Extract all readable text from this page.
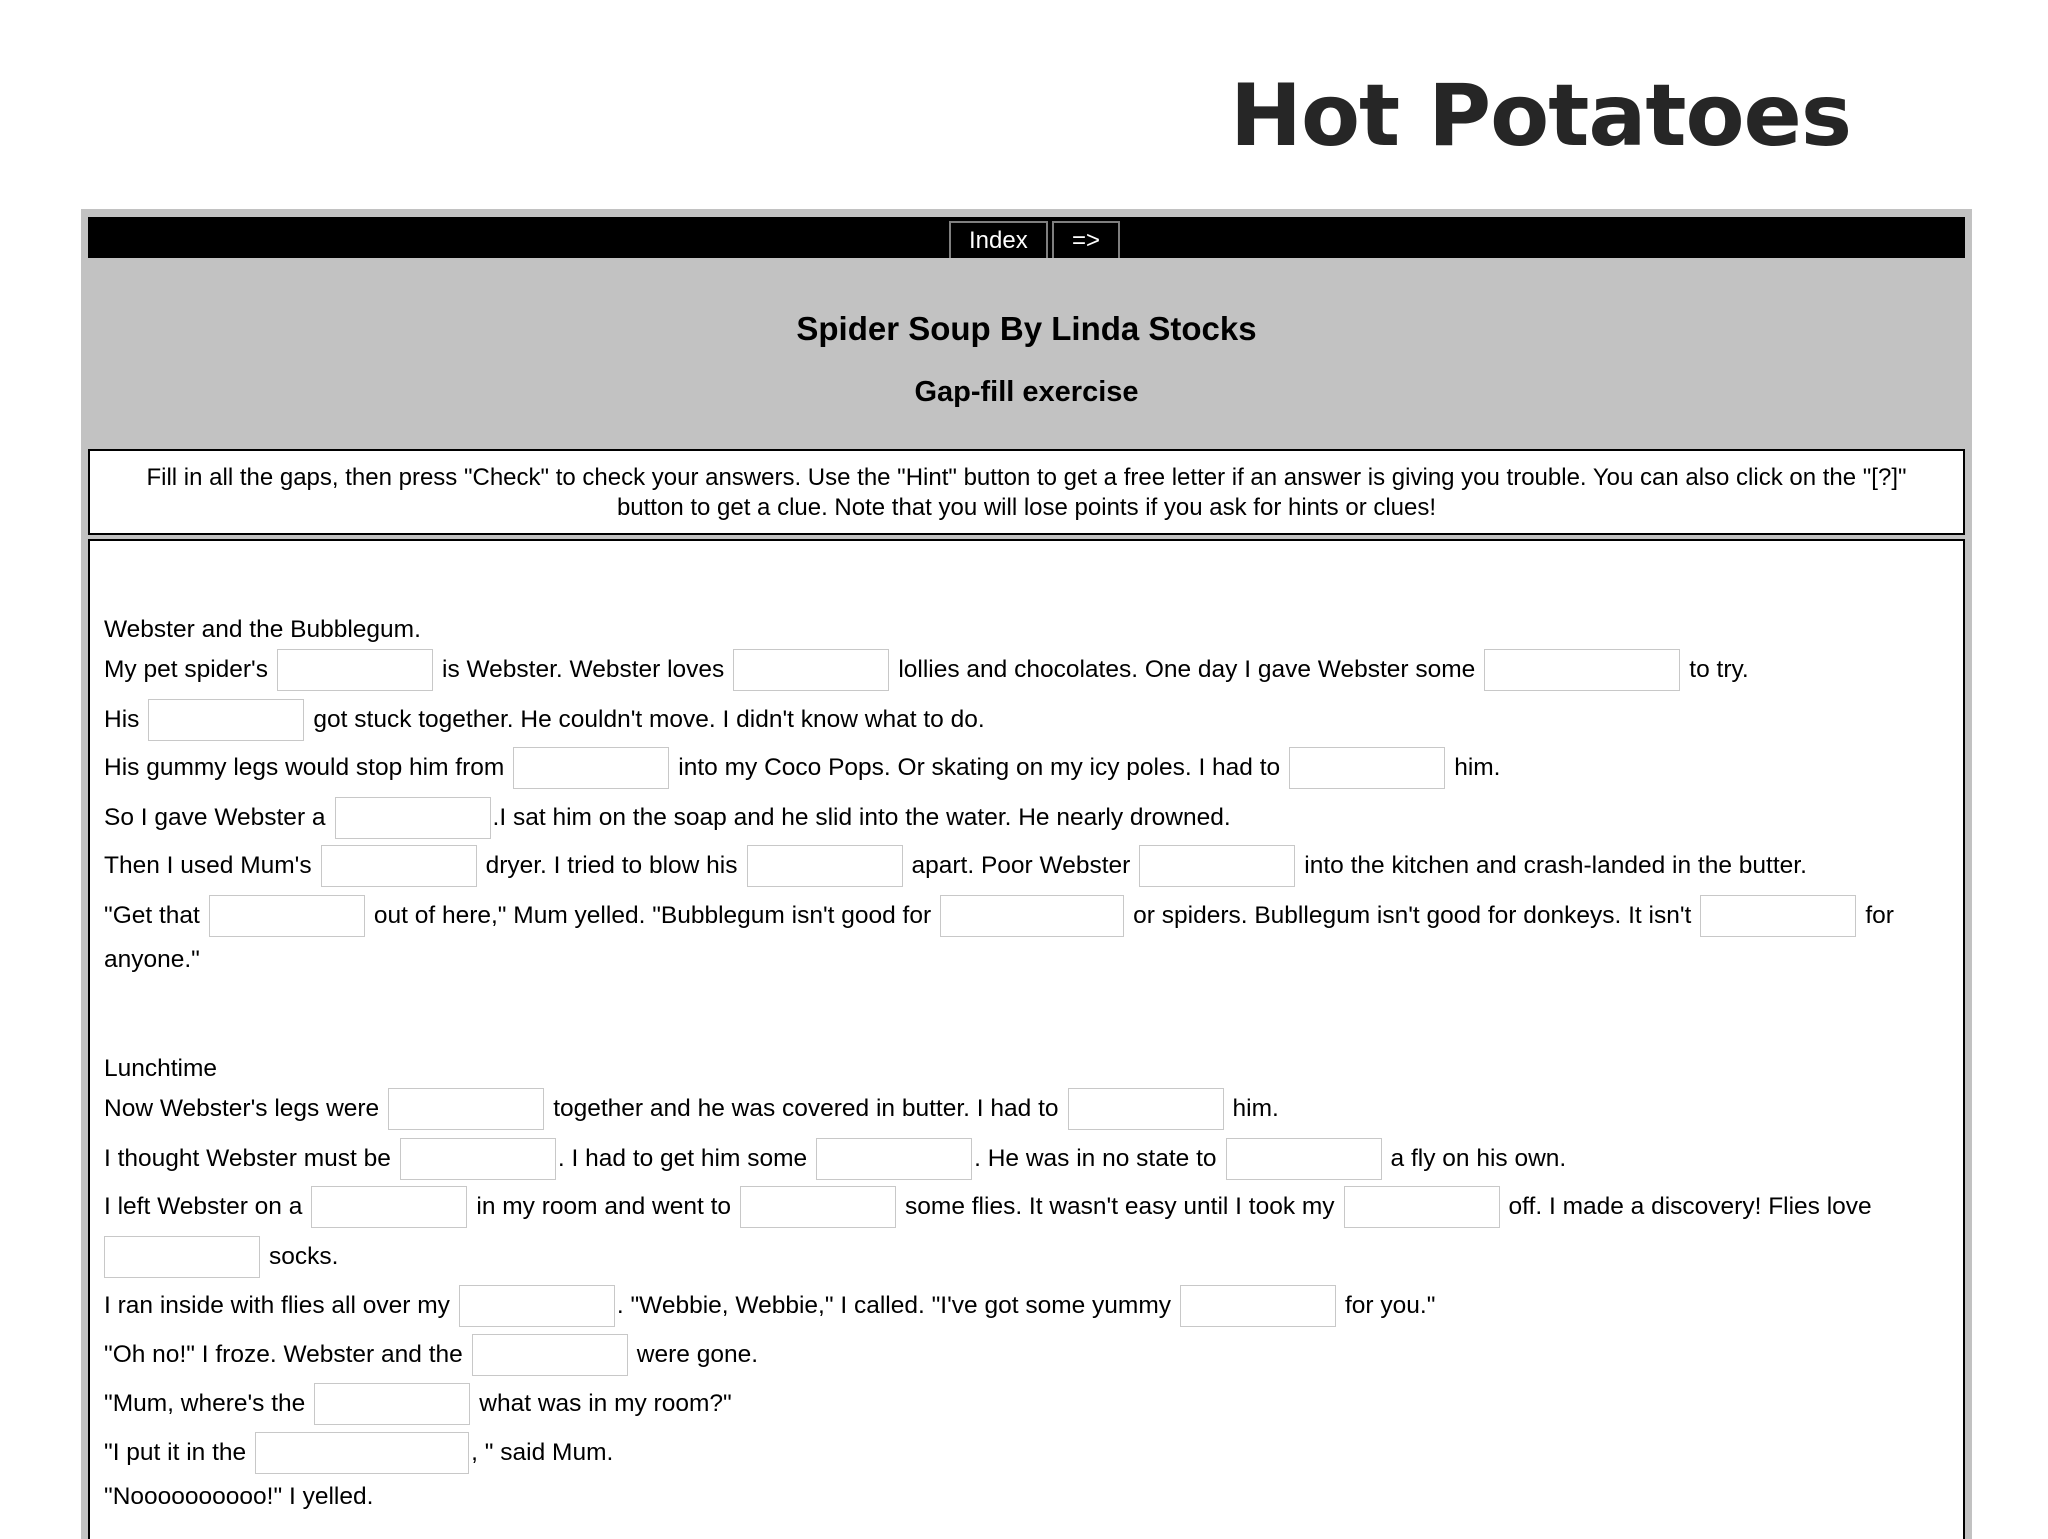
Hot Potatoes
Index	=>
Spider Soup By Linda Stocks
Gap-fill exercise
Fill in all the gaps, then press "Check" to check your answers. Use the "Hint" button to get a free letter if an answer is giving you trouble. You can also click on the "[?]" button to get a clue. Note that you will lose points if you ask for hints or clues!
Webster and the Bubblegum.
My pet spider's	is Webster. Webster loves	lollies and chocolates. One day I gave Webster some	to try.
His	got stuck together. He couldn't move. I didn't know what to do.
His gummy legs would stop him from	into my Coco Pops. Or skating on my icy poles. I had to	him.
So I gave Webster a	.I sat him on the soap and he slid into the water. He nearly drowned.
Then I used Mum's	dryer. I tried to blow his	apart. Poor Webster	into the kitchen and crash-landed in the butter.
"Get that	out of here," Mum yelled. "Bubblegum isn't good for	or spiders. Bubllegum isn't good for donkeys. It isn't	for
anyone."
Lunchtime
Now Webster's legs were	together and he was covered in butter. I had to	him.
I thought Webster must be	. I had to get him some	. He was in no state to	a fly on his own.
I left Webster on a	in my room and went to	some flies. It wasn't easy until I took my	off. I made a discovery! Flies love
socks.
I ran inside with flies all over my	. "Webbie, Webbie," I called. "I've got some yummy	for you."
"Oh no!" I froze. Webster and the	were gone.
"Mum, where's the	what was in my room?"
"I put it in the	, " said Mum.
"Noooooooooo!" I yelled.
